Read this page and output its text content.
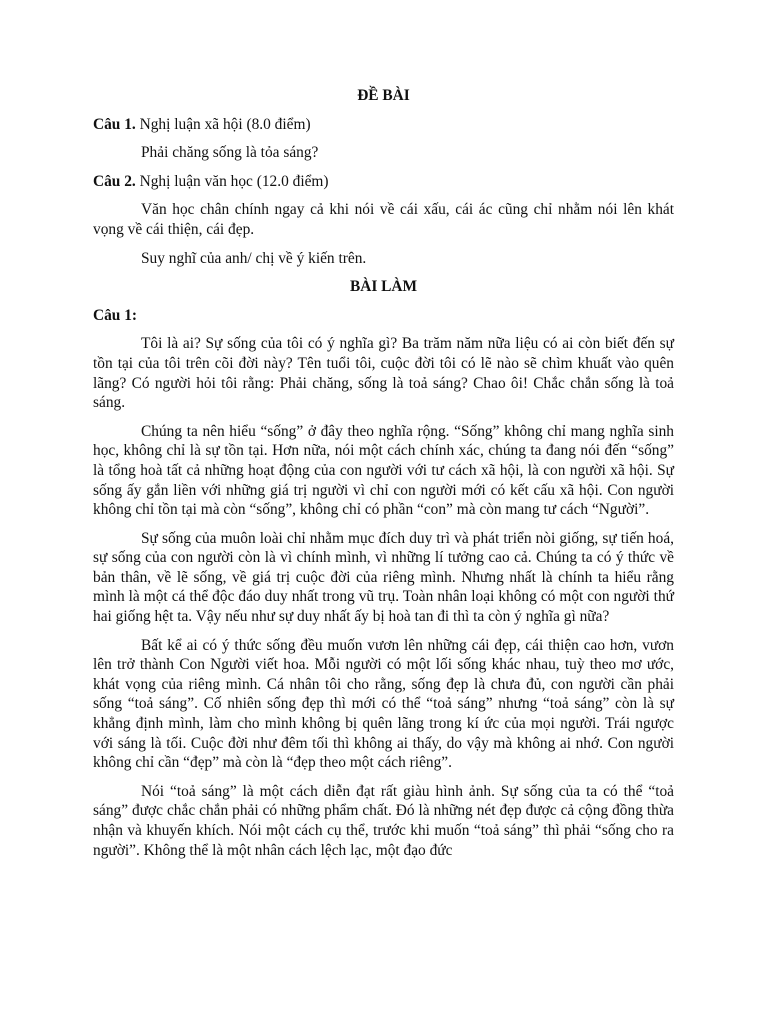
ĐỀ BÀI
Câu 1. Nghị luận xã hội (8.0 điểm)
Phải chăng sống là tỏa sáng?
Câu 2. Nghị luận văn học (12.0 điểm)
Văn học chân chính ngay cả khi nói về cái xấu, cái ác cũng chỉ nhằm nói lên khát vọng về cái thiện, cái đẹp.
Suy nghĩ của anh/ chị về ý kiến trên.
BÀI LÀM
Câu 1:
Tôi là ai? Sự sống của tôi có ý nghĩa gì? Ba trăm năm nữa liệu có ai còn biết đến sự tồn tại của tôi trên cõi đời này? Tên tuổi tôi, cuộc đời tôi có lẽ nào sẽ chìm khuất vào quên lãng? Có người hỏi tôi rằng: Phải chăng, sống là toả sáng? Chao ôi! Chắc chắn sống là toả sáng.
Chúng ta nên hiểu “sống” ở đây theo nghĩa rộng. “Sống” không chỉ mang nghĩa sinh học, không chỉ là sự tồn tại. Hơn nữa, nói một cách chính xác, chúng ta đang nói đến “sống” là tổng hoà tất cả những hoạt động của con người với tư cách xã hội, là con người xã hội. Sự sống ấy gắn liền với những giá trị người vì chỉ con người mới có kết cấu xã hội. Con người không chỉ tồn tại mà còn “sống”, không chỉ có phần “con” mà còn mang tư cách “Người”.
Sự sống của muôn loài chỉ nhằm mục đích duy trì và phát triển nòi giống, sự tiến hoá, sự sống của con người còn là vì chính mình, vì những lí tưởng cao cả. Chúng ta có ý thức về bản thân, về lẽ sống, về giá trị cuộc đời của riêng mình. Nhưng nhất là chính ta hiểu rằng mình là một cá thể độc đáo duy nhất trong vũ trụ. Toàn nhân loại không có một con người thứ hai giống hệt ta. Vậy nếu như sự duy nhất ấy bị hoà tan đi thì ta còn ý nghĩa gì nữa?
Bất kể ai có ý thức sống đều muốn vươn lên những cái đẹp, cái thiện cao hơn, vươn lên trở thành Con Người viết hoa. Mỗi người có một lối sống khác nhau, tuỳ theo mơ ước, khát vọng của riêng mình. Cá nhân tôi cho rằng, sống đẹp là chưa đủ, con người cần phải sống “toả sáng”. Cố nhiên sống đẹp thì mới có thể “toả sáng” nhưng “toả sáng” còn là sự khẳng định mình, làm cho mình không bị quên lãng trong kí ức của mọi người. Trái ngược với sáng là tối. Cuộc đời như đêm tối thì không ai thấy, do vậy mà không ai nhớ. Con người không chỉ cần “đẹp” mà còn là “đẹp theo một cách riêng”.
Nói “toả sáng” là một cách diễn đạt rất giàu hình ảnh. Sự sống của ta có thể “toả sáng” được chắc chắn phải có những phẩm chất. Đó là những nét đẹp được cả cộng đồng thừa nhận và khuyến khích. Nói một cách cụ thể, trước khi muốn “toả sáng” thì phải “sống cho ra người”. Không thể là một nhân cách lệch lạc, một đạo đức
